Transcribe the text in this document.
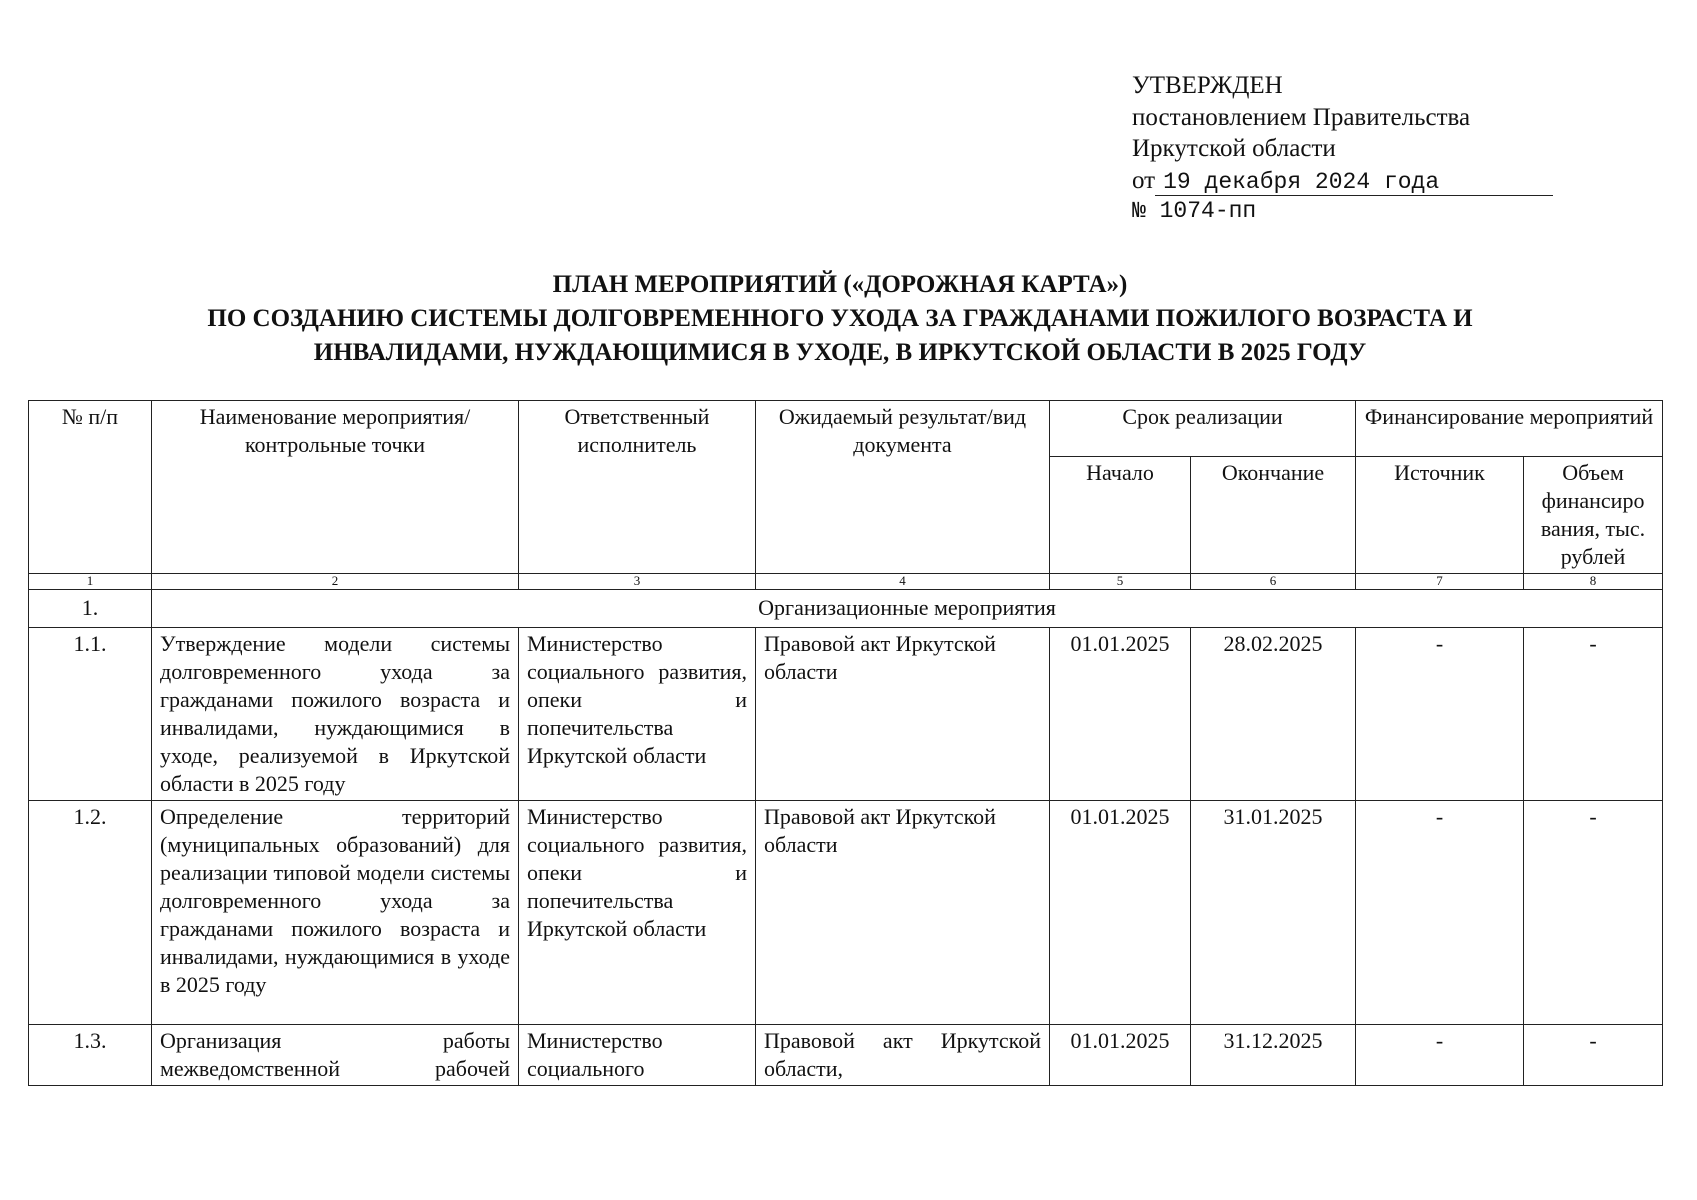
УТВЕРЖДЕН
постановлением Правительства
Иркутской области
от 19 декабря 2024 года
№ 1074-пп
ПЛАН МЕРОПРИЯТИЙ («ДОРОЖНАЯ КАРТА»)
ПО СОЗДАНИЮ СИСТЕМЫ ДОЛГОВРЕМЕННОГО УХОДА ЗА ГРАЖДАНАМИ ПОЖИЛОГО ВОЗРАСТА И
ИНВАЛИДАМИ, НУЖДАЮЩИМИСЯ В УХОДЕ, В ИРКУТСКОЙ ОБЛАСТИ В 2025 ГОДУ
№ п/п	Наименование мероприятия/ контрольные точки	Ответственный исполнитель	Ожидаемый результат/вид документа	Срок реализации		Финансирование мероприятий	
				Начало	Окончание	Источник	Объем финансиро вания, тыс. рублей
1	2	3	4	5	6	7	8
1.	Организационные мероприятия						
1.1.	Утверждение модели системы долговременного ухода за гражданами пожилого возраста и инвалидами, нуждающимися в уходе, реализуемой в Иркутской области в 2025 году	Министерство социального развития, опеки и попечительства Иркутской области	Правовой акт Иркутской области	01.01.2025	28.02.2025	-	-
1.2.	Определение территорий (муниципальных образований) для реализации типовой модели системы долговременного ухода за гражданами пожилого возраста и инвалидами, нуждающимися в уходе в 2025 году	Министерство социального развития, опеки и попечительства Иркутской области	Правовой акт Иркутской области	01.01.2025	31.01.2025	-	-
1.3.	Организация работы межведомственной рабочей	Министерство социального	Правовой акт Иркутской области,	01.01.2025	31.12.2025	-	-
